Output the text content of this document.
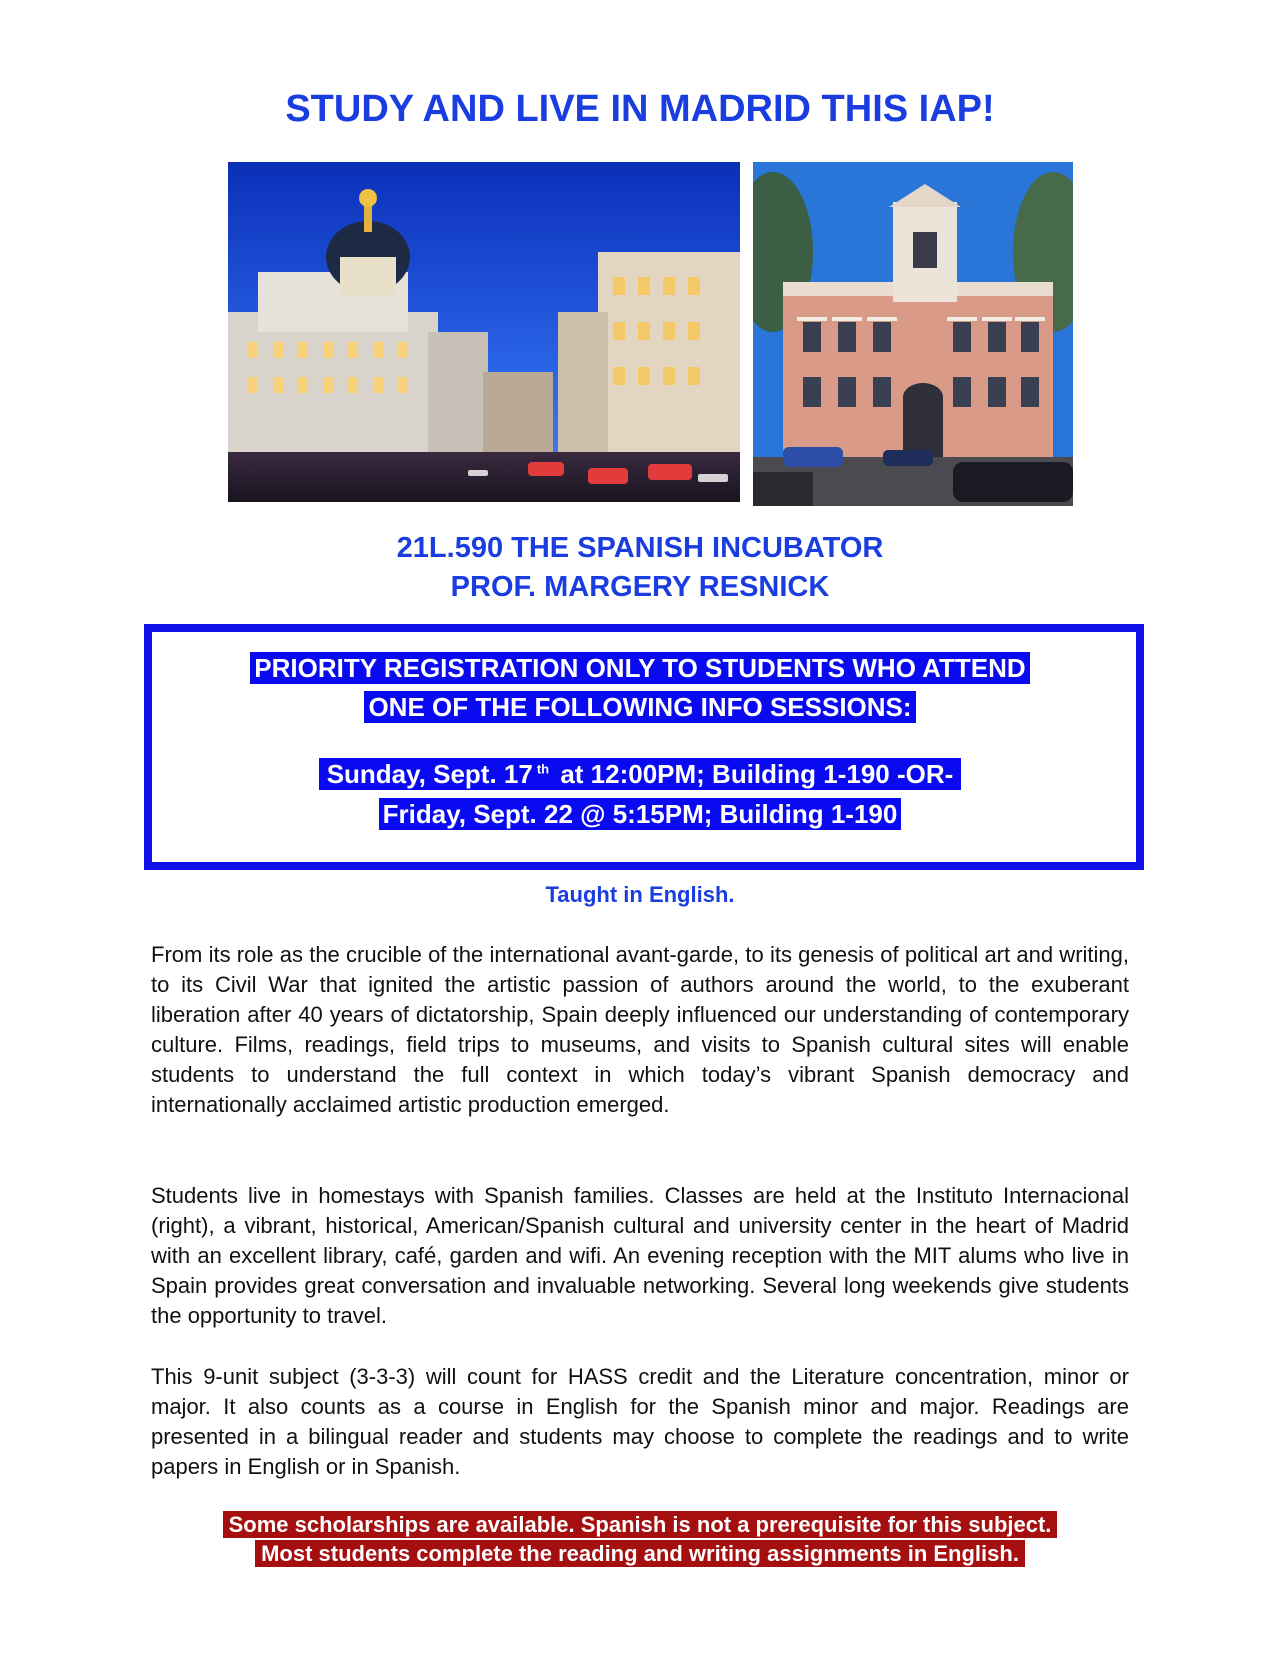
STUDY AND LIVE IN MADRID THIS IAP!
21L.590 THE SPANISH INCUBATOR
PROF. MARGERY RESNICK
PRIORITY REGISTRATION ONLY TO STUDENTS WHO ATTEND
ONE OF THE FOLLOWING INFO SESSIONS:
Sunday, Sept. 17 $^{th}$ at 12:00PM; Building 1-190 -OR-
Friday, Sept. 22 @ 5:15PM; Building 1-190
Taught in English.
From its role as the crucible of the international avant-garde, to its genesis of political art and writing, to its Civil War that ignited the artistic passion of authors around the world, to the exuberant liberation after 40 years of dictatorship, Spain deeply influenced our understanding of contemporary culture. Films, readings, field trips to museums, and visits to Spanish cultural sites will enable students to understand the full context in which today’s vibrant Spanish democracy and internationally acclaimed artistic production emerged.
Students live in homestays with Spanish families. Classes are held at the Instituto Internacional (right), a vibrant, historical, American/Spanish cultural and university center in the heart of Madrid with an excellent library, café, garden and wifi. An evening reception with the MIT alums who live in Spain provides great conversation and invaluable networking. Several long weekends give students the opportunity to travel.
This 9-unit subject (3-3-3) will count for HASS credit and the Literature concentration, minor or major. It also counts as a course in English for the Spanish minor and major. Readings are presented in a bilingual reader and students may choose to complete the readings and to write papers in English or in Spanish.
Some scholarships are available. Spanish is not a prerequisite for this subject.
Most students complete the reading and writing assignments in English.
